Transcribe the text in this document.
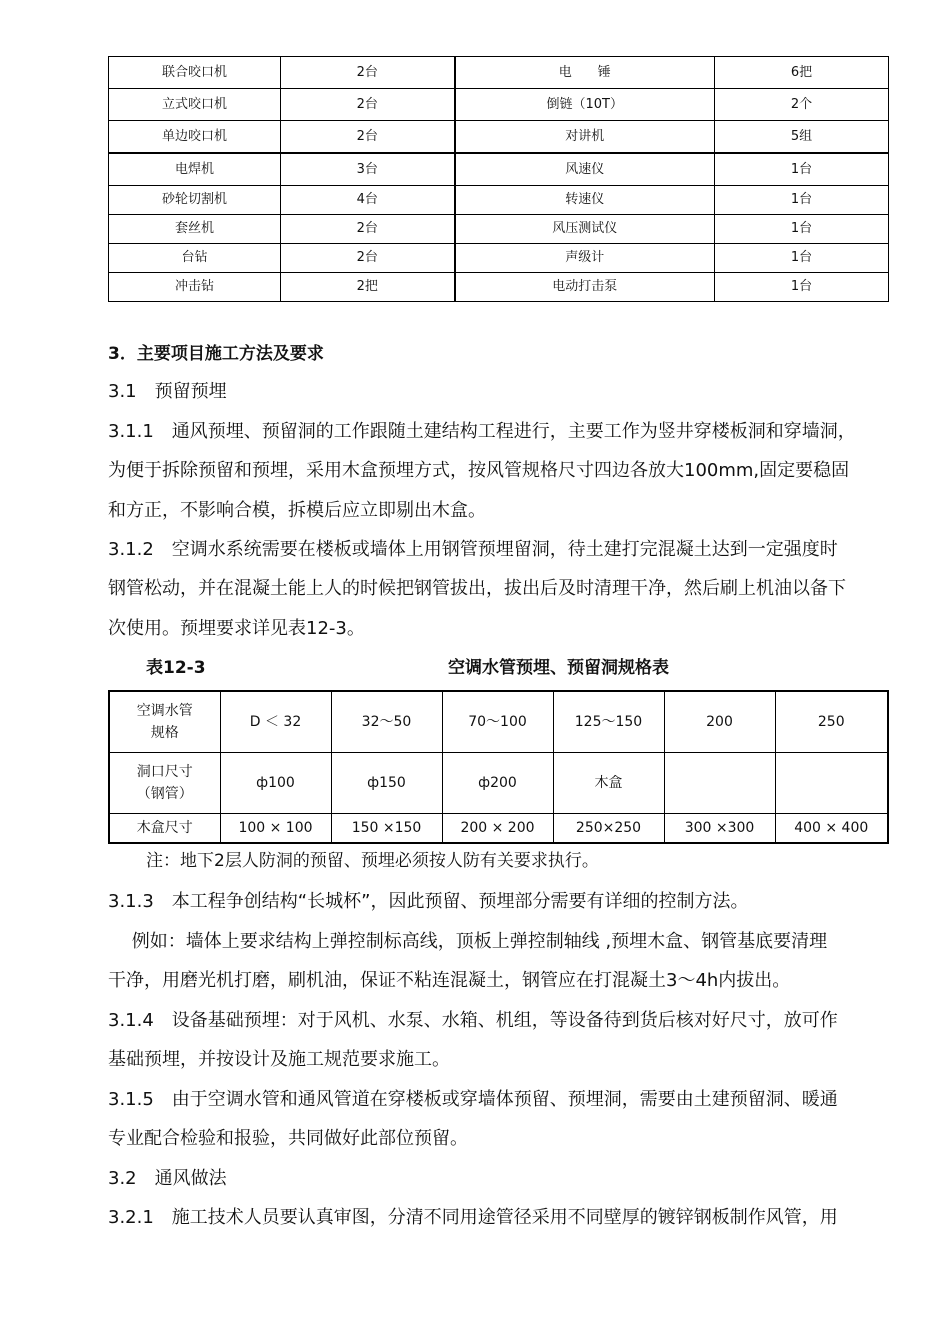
联合咬口机	2台	电　　锤	6把
立式咬口机	2台	倒链（10T）	2个
单边咬口机	2台	对讲机	5组
电焊机	3台	风速仪	1台
砂轮切割机	4台	转速仪	1台
套丝机	2台	风压测试仪	1台
台钻	2台	声级计	1台
冲击钻	2把	电动打击泵	1台
3．主要项目施工方法及要求
3.1　预留预埋
3.1.1　通风预埋、预留洞的工作跟随土建结构工程进行，主要工作为竖井穿楼板洞和穿墙洞，
为便于拆除预留和预埋，采用木盒预埋方式，按风管规格尺寸四边各放大100mm,固定要稳固
和方正，不影响合模，拆模后应立即剔出木盒。
3.1.2　空调水系统需要在楼板或墙体上用钢管预埋留洞，待土建打完混凝土达到一定强度时
钢管松动，并在混凝土能上人的时候把钢管拔出，拔出后及时清理干净，然后刷上机油以备下
次使用。预埋要求详见表12-3。
表12-3	空调水管预埋、预留洞规格表
空调水管
规格	D ＜ 32	32～50	70～100	125～150	200	250
洞口尺寸
（钢管）	ф100	ф150	ф200	木盒		
木盒尺寸	100 × 100	150 ×150	200 × 200	250×250	300 ×300	400 × 400
注：地下2层人防洞的预留、预埋必须按人防有关要求执行。
3.1.3　本工程争创结构“长城杯”，因此预留、预埋部分需要有详细的控制方法。
　 例如：墙体上要求结构上弹控制标高线，顶板上弹控制轴线 ,预埋木盒、钢管基底要清理
干净，用磨光机打磨，刷机油，保证不粘连混凝土，钢管应在打混凝土3～4h内拔出。
3.1.4　设备基础预埋：对于风机、水泵、水箱、机组，等设备待到货后核对好尺寸，放可作
基础预埋，并按设计及施工规范要求施工。
3.1.5　由于空调水管和通风管道在穿楼板或穿墙体预留、预埋洞，需要由土建预留洞、暖通
专业配合检验和报验，共同做好此部位预留。
3.2　通风做法
3.2.1　施工技术人员要认真审图，分清不同用途管径采用不同壁厚的镀锌钢板制作风管，用
